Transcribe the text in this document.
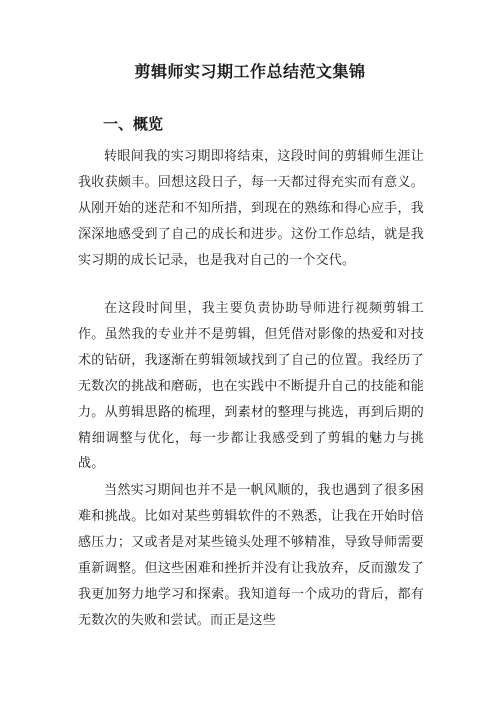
剪辑师实习期工作总结范文集锦
一、概览

转眼间我的实习期即将结束，这段时间的剪辑师生涯让我收获颇丰。回想这段日子，每一天都过得充实而有意义。从刚开始的迷茫和不知所措，到现在的熟练和得心应手，我深深地感受到了自己的成长和进步。这份工作总结，就是我实习期的成长记录，也是我对自己的一个交代。

在这段时间里，我主要负责协助导师进行视频剪辑工作。虽然我的专业并不是剪辑，但凭借对影像的热爱和对技术的钻研，我逐渐在剪辑领域找到了自己的位置。我经历了无数次的挑战和磨砺，也在实践中不断提升自己的技能和能力。从剪辑思路的梳理，到素材的整理与挑选，再到后期的精细调整与优化，每一步都让我感受到了剪辑的魅力与挑战。

当然实习期间也并不是一帆风顺的，我也遇到了很多困难和挑战。比如对某些剪辑软件的不熟悉，让我在开始时倍感压力；又或者是对某些镜头处理不够精准，导致导师需要重新调整。但这些困难和挫折并没有让我放弃，反而激发了我更加努力地学习和探索。我知道每一个成功的背后，都有无数次的失败和尝试。而正是这些
